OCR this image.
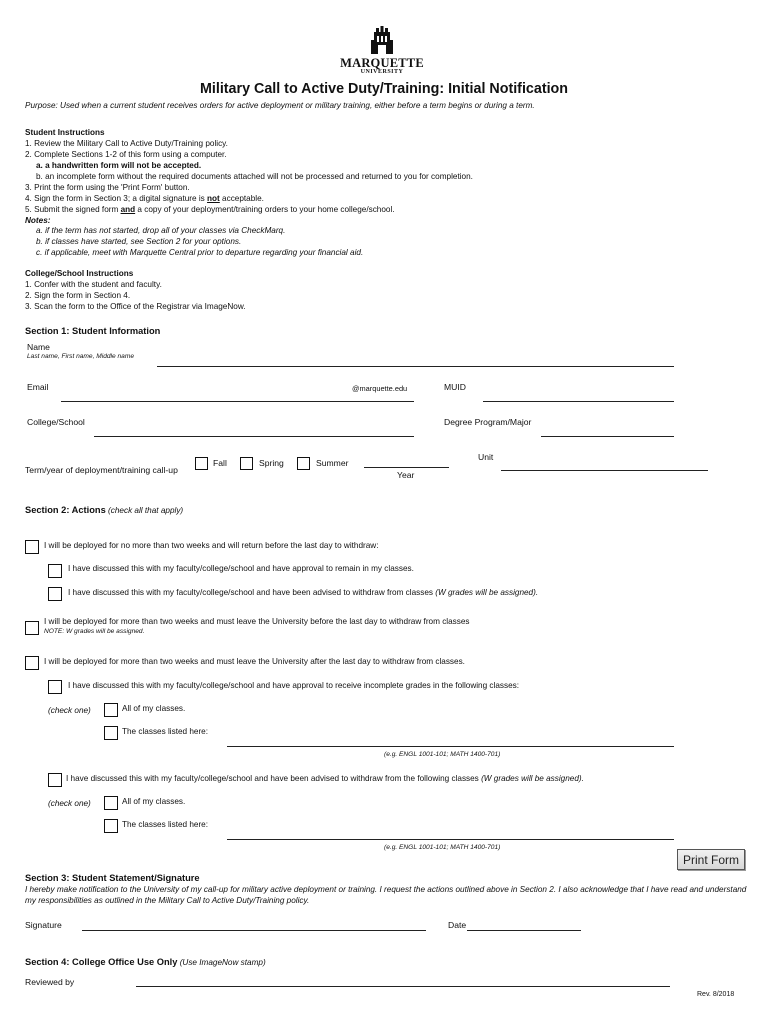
MARQUETTE
UNIVERSITY
Military Call to Active Duty/Training: Initial Notification
Purpose: Used when a current student receives orders for active deployment or military training, either before a term begins or during a term.
Student Instructions
1. Review the Military Call to Active Duty/Training policy.
2. Complete Sections 1-2 of this form using a computer.
a. a handwritten form will not be accepted.
b. an incomplete form without the required documents attached will not be processed and returned to you for completion.
3. Print the form using the 'Print Form' button.
4. Sign the form in Section 3; a digital signature is not acceptable.
5. Submit the signed form and a copy of your deployment/training orders to your home college/school.
Notes:
a. if the term has not started, drop all of your classes via CheckMarq.
b. if classes have started, see Section 2 for your options.
c. if applicable, meet with Marquette Central prior to departure regarding your financial aid.
College/School Instructions
1. Confer with the student and faculty.
2. Sign the form in Section 4.
3. Scan the form to the Office of the Registrar via ImageNow.
Section 1: Student Information
Name
Last name, First name, Middle name
Email	@marquette.edu	MUID
College/School	Degree Program/Major
Term/year of deployment/training call-up
Fall	Spring	Summer
Year
Unit
Section 2: Actions (check all that apply)
I will be deployed for no more than two weeks and will return before the last day to withdraw:
I have discussed this with my faculty/college/school and have approval to remain in my classes.
I have discussed this with my faculty/college/school and have been advised to withdraw from classes (W grades will be assigned).
I will be deployed for more than two weeks and must leave the University before the last day to withdraw from classes
NOTE: W grades will be assigned.
I will be deployed for more than two weeks and must leave the University after the last day to withdraw from classes.
I have discussed this with my faculty/college/school and have approval to receive incomplete grades in the following classes:
(check one)	All of my classes.
The classes listed here:
(e.g. ENGL 1001-101; MATH 1400-701)
I have discussed this with my faculty/college/school and have been advised to withdraw from the following classes (W grades will be assigned).
(check one)	All of my classes.
The classes listed here:
(e.g. ENGL 1001-101; MATH 1400-701)
Print Form
Section 3: Student Statement/Signature
I hereby make notification to the University of my call-up for military active deployment or training. I request the actions outlined above in Section 2. I also acknowledge that I have read and understand my responsibilities as outlined in the Military Call to Active Duty/Training policy.
Signature	Date
Section 4: College Office Use Only (Use ImageNow stamp)
Reviewed by
Rev. 8/2018
